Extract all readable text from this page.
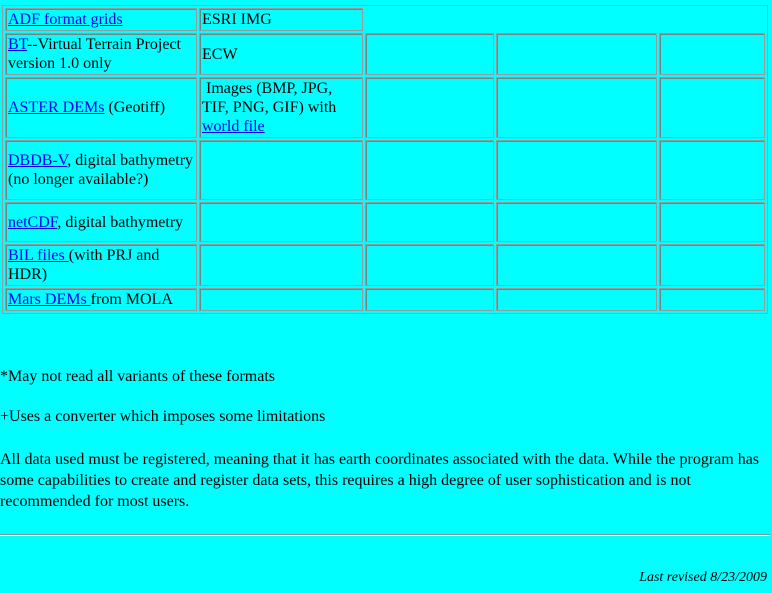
ADF format grids	ESRI IMG			
BT--Virtual Terrain Project version 1.0 only	ECW			
ASTER DEMs (Geotiff)	Images (BMP, JPG, TIF, PNG, GIF) with world file			
DBDB-V, digital bathymetry (no longer available?)				
netCDF, digital bathymetry				
BIL files (with PRJ and HDR)				
Mars DEMs from MOLA				

*May not read all variants of these formats

+Uses a converter which imposes some limitations

All data used must be registered, meaning that it has earth coordinates associated with the data. While the program has some capabilities to create and register data sets, this requires a high degree of user sophistication and is not recommended for most users.

Last revised 8/23/2009
